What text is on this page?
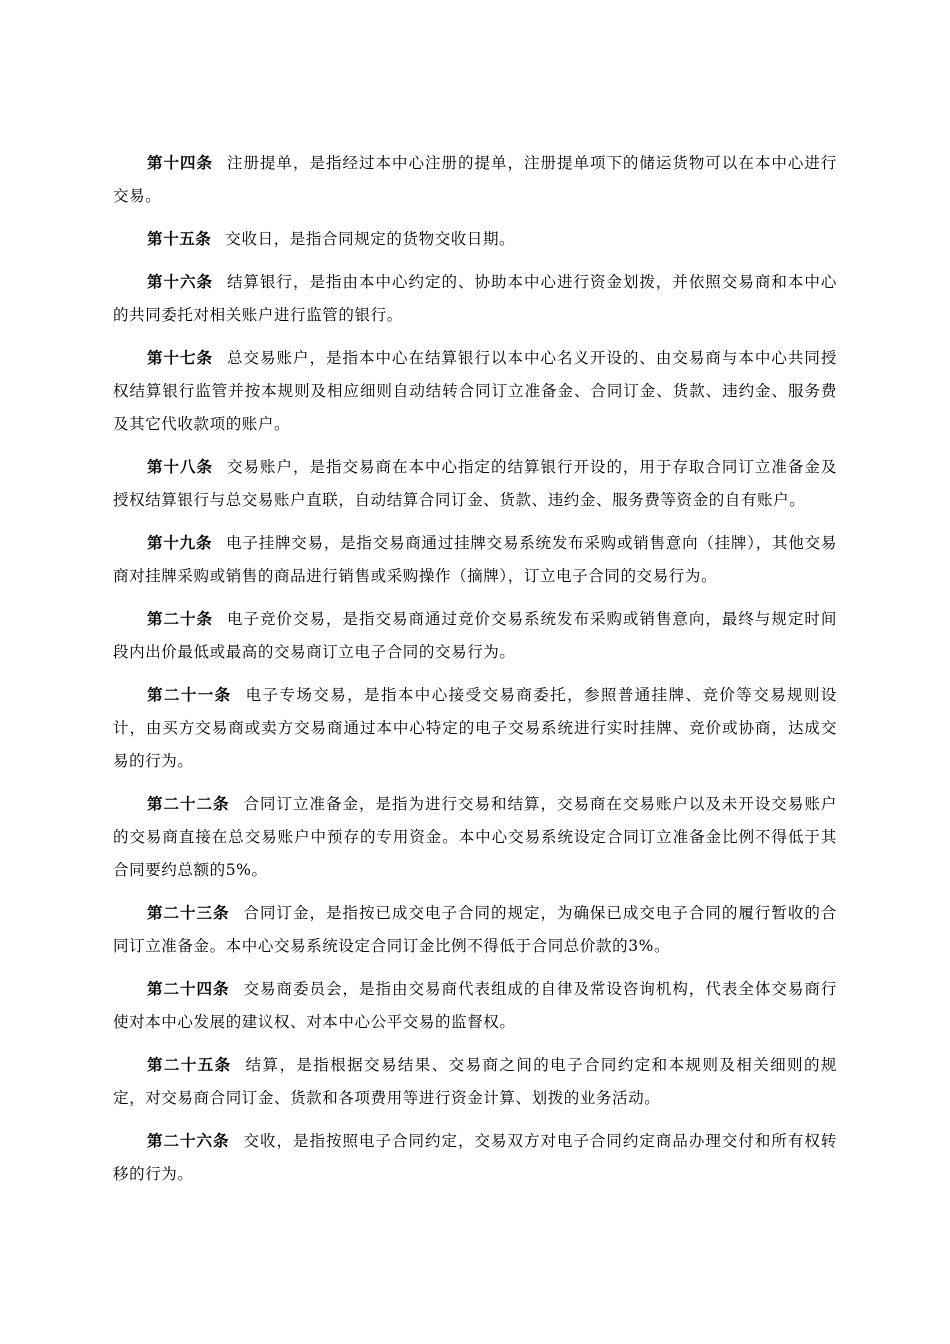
第十四条 注册提单，是指经过本中心注册的提单，注册提单项下的储运货物可以在本中心进行交易。

第十五条 交收日，是指合同规定的货物交收日期。

第十六条 结算银行，是指由本中心约定的、协助本中心进行资金划拨，并依照交易商和本中心的共同委托对相关账户进行监管的银行。

第十七条 总交易账户，是指本中心在结算银行以本中心名义开设的、由交易商与本中心共同授权结算银行监管并按本规则及相应细则自动结转合同订立准备金、合同订金、货款、违约金、服务费及其它代收款项的账户。

第十八条 交易账户，是指交易商在本中心指定的结算银行开设的，用于存取合同订立准备金及授权结算银行与总交易账户直联，自动结算合同订金、货款、违约金、服务费等资金的自有账户。

第十九条 电子挂牌交易，是指交易商通过挂牌交易系统发布采购或销售意向（挂牌），其他交易商对挂牌采购或销售的商品进行销售或采购操作（摘牌），订立电子合同的交易行为。

第二十条 电子竞价交易，是指交易商通过竞价交易系统发布采购或销售意向，最终与规定时间段内出价最低或最高的交易商订立电子合同的交易行为。

第二十一条 电子专场交易，是指本中心接受交易商委托，参照普通挂牌、竞价等交易规则设计，由买方交易商或卖方交易商通过本中心特定的电子交易系统进行实时挂牌、竞价或协商，达成交易的行为。

第二十二条 合同订立准备金，是指为进行交易和结算，交易商在交易账户以及未开设交易账户的交易商直接在总交易账户中预存的专用资金。本中心交易系统设定合同订立准备金比例不得低于其合同要约总额的5%。

第二十三条 合同订金，是指按已成交电子合同的规定，为确保已成交电子合同的履行暂收的合同订立准备金。本中心交易系统设定合同订金比例不得低于合同总价款的3%。

第二十四条 交易商委员会，是指由交易商代表组成的自律及常设咨询机构，代表全体交易商行使对本中心发展的建议权、对本中心公平交易的监督权。

第二十五条 结算，是指根据交易结果、交易商之间的电子合同约定和本规则及相关细则的规定，对交易商合同订金、货款和各项费用等进行资金计算、划拨的业务活动。

第二十六条 交收，是指按照电子合同约定，交易双方对电子合同约定商品办理交付和所有权转移的行为。
